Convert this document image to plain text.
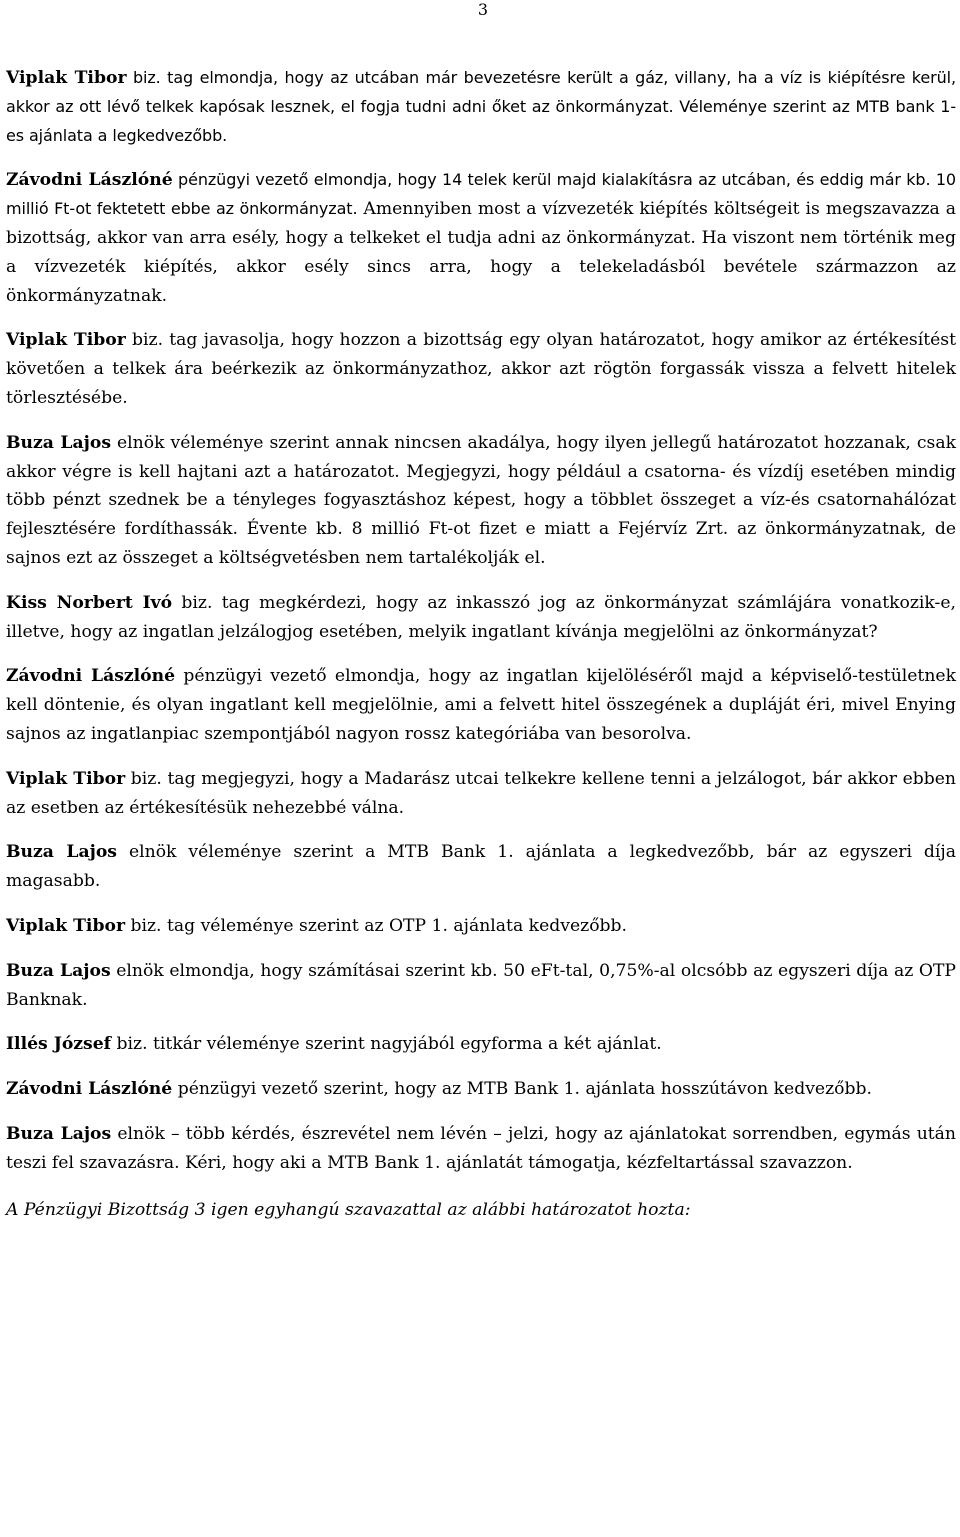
3

Viplak Tibor biz. tag elmondja, hogy az utcában már bevezetésre került a gáz, villany, ha a víz is kiépítésre kerül, akkor az ott lévő telkek kapósak lesznek, el fogja tudni adni őket az önkormányzat. Véleménye szerint az MTB bank 1-es ajánlata a legkedvezőbb.

Závodni Lászlóné pénzügyi vezető elmondja, hogy 14 telek kerül majd kialakításra az utcában, és eddig már kb. 10 millió Ft-ot fektetett ebbe az önkormányzat. Amennyiben most a vízvezeték kiépítés költségeit is megszavazza a bizottság, akkor van arra esély, hogy a telkeket el tudja adni az önkormányzat. Ha viszont nem történik meg a vízvezeték kiépítés, akkor esély sincs arra, hogy a telekeladásból bevétele származzon az önkormányzatnak.

Viplak Tibor biz. tag javasolja, hogy hozzon a bizottság egy olyan határozatot, hogy amikor az értékesítést követően a telkek ára beérkezik az önkormányzathoz, akkor azt rögtön forgassák vissza a felvett hitelek törlesztésébe.

Buza Lajos elnök véleménye szerint annak nincsen akadálya, hogy ilyen jellegű határozatot hozzanak, csak akkor végre is kell hajtani azt a határozatot. Megjegyzi, hogy például a csatorna- és vízdíj esetében mindig több pénzt szednek be a tényleges fogyasztáshoz képest, hogy a többlet összeget a víz-és csatornahálózat fejlesztésére fordíthassák. Évente kb. 8 millió Ft-ot fizet e miatt a Fejérvíz Zrt. az önkormányzatnak, de sajnos ezt az összeget a költségvetésben nem tartalékolják el.

Kiss Norbert Ivó biz. tag megkérdezi, hogy az inkasszó jog az önkormányzat számlájára vonatkozik-e, illetve, hogy az ingatlan jelzálogjog esetében, melyik ingatlant kívánja megjelölni az önkormányzat?

Závodni Lászlóné pénzügyi vezető elmondja, hogy az ingatlan kijelöléséről majd a képviselő-testületnek kell döntenie, és olyan ingatlant kell megjelölnie, ami a felvett hitel összegének a dupláját éri, mivel Enying sajnos az ingatlanpiac szempontjából nagyon rossz kategóriába van besorolva.

Viplak Tibor biz. tag megjegyzi, hogy a Madarász utcai telkekre kellene tenni a jelzálogot, bár akkor ebben az esetben az értékesítésük nehezebbé válna.

Buza Lajos elnök véleménye szerint a MTB Bank 1. ajánlata a legkedvezőbb, bár az egyszeri díja magasabb.

Viplak Tibor biz. tag véleménye szerint az OTP 1. ajánlata kedvezőbb.

Buza Lajos elnök elmondja, hogy számításai szerint kb. 50 eFt-tal, 0,75%-al olcsóbb az egyszeri díja az OTP Banknak.

Illés József biz. titkár véleménye szerint nagyjából egyforma a két ajánlat.

Závodni Lászlóné pénzügyi vezető szerint, hogy az MTB Bank 1. ajánlata hosszútávon kedvezőbb.

Buza Lajos elnök – több kérdés, észrevétel nem lévén – jelzi, hogy az ajánlatokat sorrendben, egymás után teszi fel szavazásra. Kéri, hogy aki a MTB Bank 1. ajánlatát támogatja, kézfeltartással szavazzon.

A Pénzügyi Bizottság 3 igen egyhangú szavazattal az alábbi határozatot hozta:
